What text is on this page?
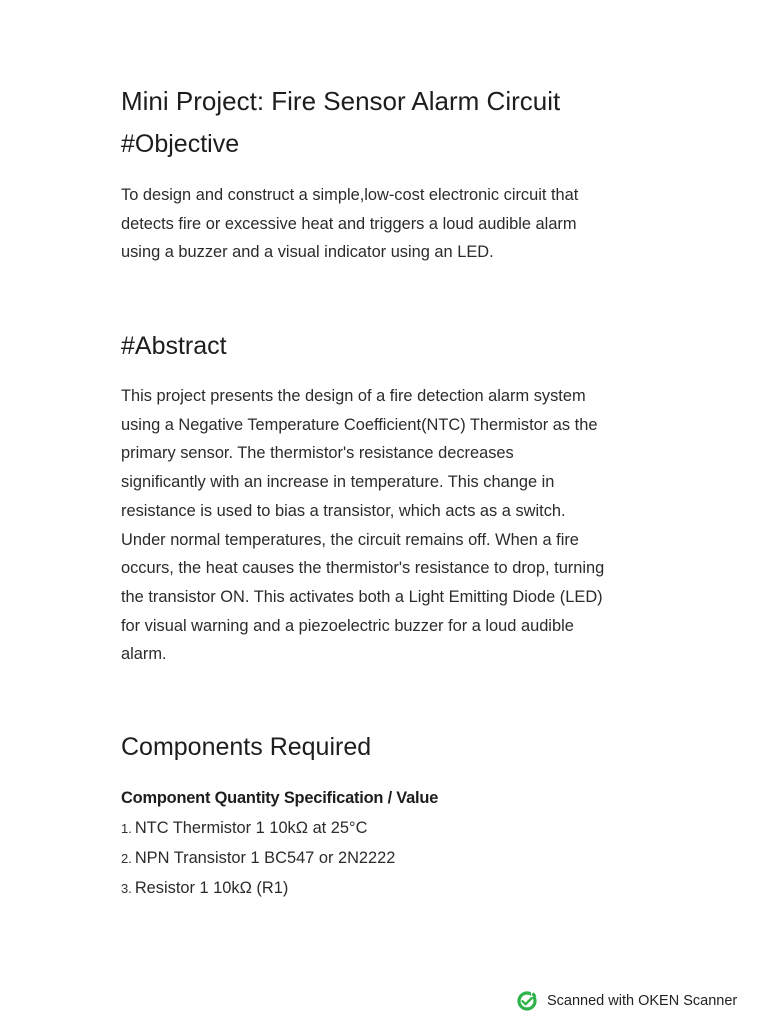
Mini Project: Fire Sensor Alarm Circuit
#Objective

To design and construct a simple,low-cost electronic circuit that
detects fire or excessive heat and triggers a loud audible alarm
using a buzzer and a visual indicator using an LED.

#Abstract

This project presents the design of a fire detection alarm system
using a Negative Temperature Coefficient(NTC) Thermistor as the
primary sensor. The thermistor's resistance decreases
significantly with an increase in temperature. This change in
resistance is used to bias a transistor, which acts as a switch.
Under normal temperatures, the circuit remains off. When a fire
occurs, the heat causes the thermistor's resistance to drop, turning
the transistor ON. This activates both a Light Emitting Diode (LED)
for visual warning and a piezoelectric buzzer for a loud audible
alarm.

Components Required
Component Quantity Specification / Value
1. NTC Thermistor 1 10kΩ at 25°C
2. NPN Transistor 1 BC547 or 2N2222
3. Resistor 1 10kΩ (R1)
Scanned with OKEN Scanner
